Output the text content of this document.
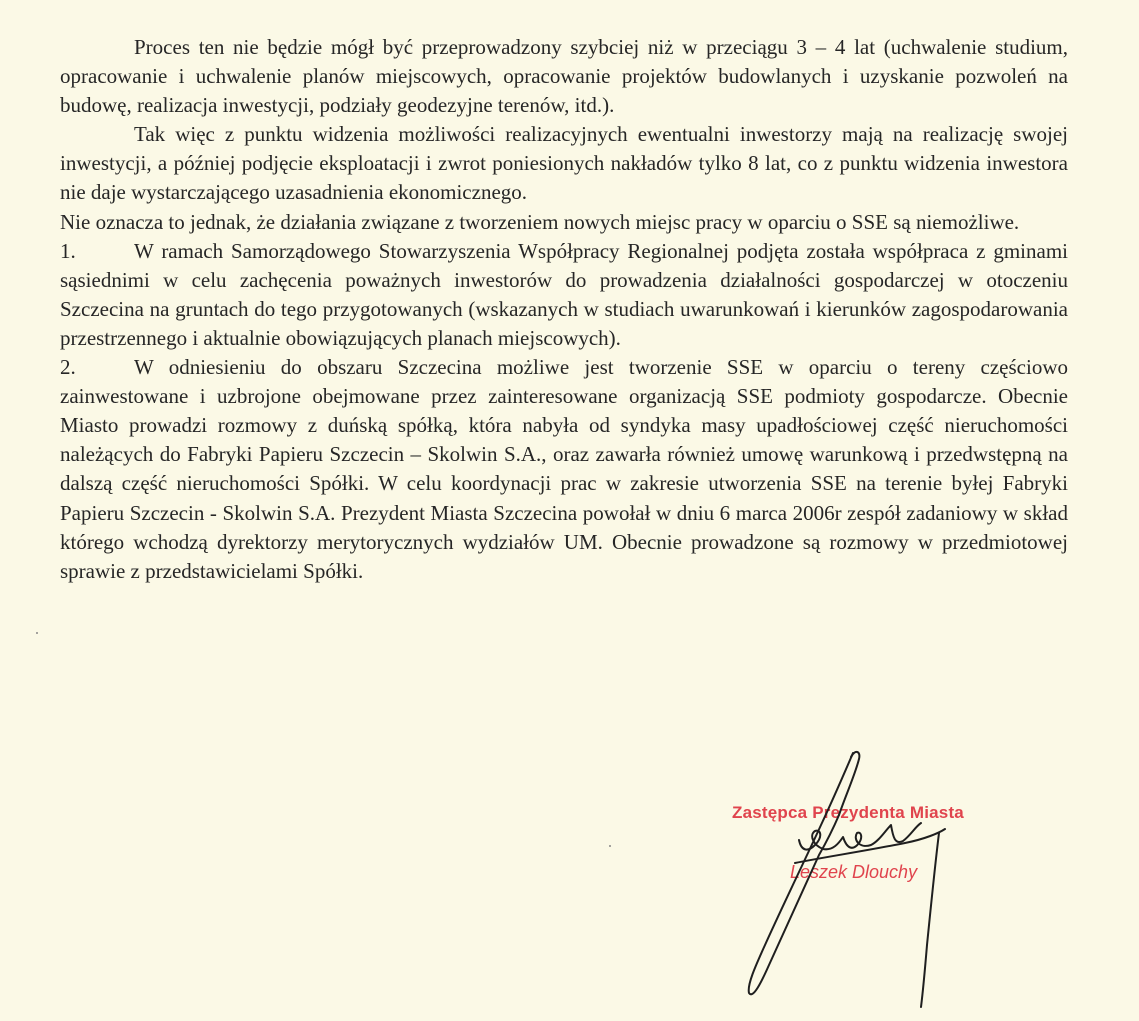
Proces ten nie będzie mógł być przeprowadzony szybciej niż w przeciągu 3 – 4 lat (uchwalenie studium, opracowanie i uchwalenie planów miejscowych, opracowanie projektów budowlanych i uzyskanie pozwoleń na budowę, realizacja inwestycji, podziały geodezyjne terenów, itd.).

Tak więc z punktu widzenia możliwości realizacyjnych ewentualni inwestorzy mają na realizację swojej inwestycji, a później podjęcie eksploatacji i zwrot poniesionych nakładów tylko 8 lat, co z punktu widzenia inwestora nie daje wystarczającego uzasadnienia ekonomicznego.

Nie oznacza to jednak, że działania związane z tworzeniem nowych miejsc pracy w oparciu o SSE są niemożliwe.

1.	W ramach Samorządowego Stowarzyszenia Współpracy Regionalnej podjęta została współpraca z gminami sąsiednimi w celu zachęcenia poważnych inwestorów do prowadzenia działalności gospodarczej w otoczeniu Szczecina na gruntach do tego przygotowanych (wskazanych w studiach uwarunkowań i kierunków zagospodarowania przestrzennego i aktualnie obowiązujących planach miejscowych).

2.	W odniesieniu do obszaru Szczecina możliwe jest tworzenie SSE w oparciu o tereny częściowo zainwestowane i uzbrojone obejmowane przez zainteresowane organizacją SSE podmioty gospodarcze. Obecnie Miasto prowadzi rozmowy z duńską spółką, która nabyła od syndyka masy upadłościowej część nieruchomości należących do Fabryki Papieru Szczecin – Skolwin S.A., oraz zawarła również umowę warunkową i przedwstępną na dalszą część nieruchomości Spółki. W celu koordynacji prac w zakresie utworzenia SSE na terenie byłej Fabryki Papieru Szczecin - Skolwin S.A. Prezydent Miasta Szczecina powołał w dniu 6 marca 2006r zespół zadaniowy w skład którego wchodzą dyrektorzy merytorycznych wydziałów UM. Obecnie prowadzone są rozmowy w przedmiotowej sprawie z przedstawicielami Spółki.

Zastępca Prezydenta Miasta
Leszek Dlouchy
